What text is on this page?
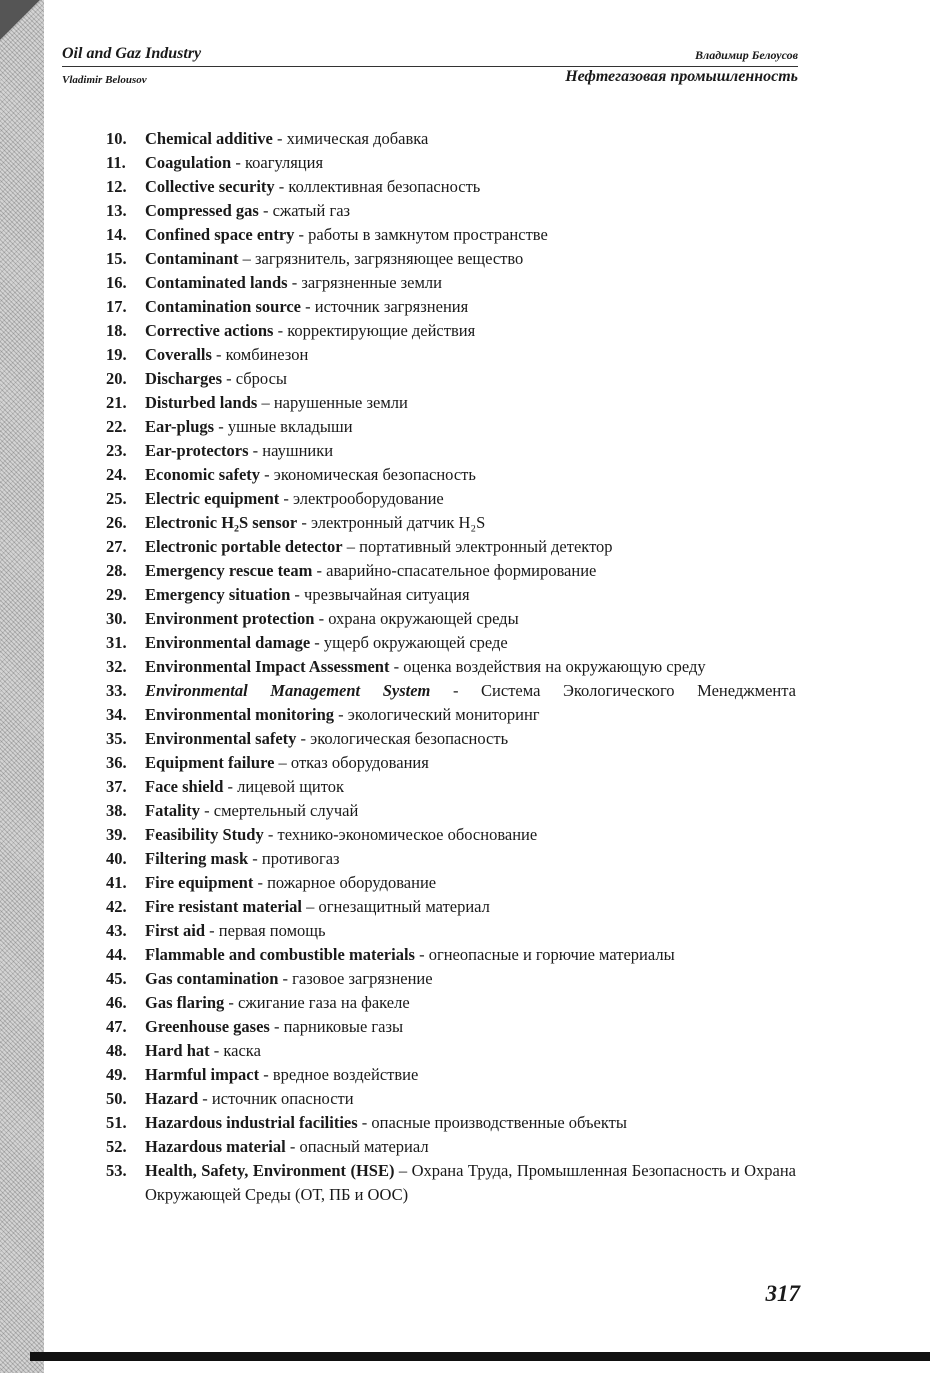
Oil and Gaz Industry	Владимир Белоусов
Vladimir Belousov	Нефтегазовая промышленность
10.	Chemical additive - химическая добавка
11.	Coagulation - коагуляция
12.	Collective security - коллективная безопасность
13.	Compressed gas - сжатый газ
14.	Confined space entry - работы в замкнутом пространстве
15.	Contaminant – загрязнитель, загрязняющее вещество
16.	Contaminated lands - загрязненные земли
17.	Contamination source - источник загрязнения
18.	Corrective actions - корректирующие действия
19.	Coveralls - комбинезон
20.	Discharges - сбросы
21.	Disturbed lands – нарушенные земли
22.	Ear-plugs - ушные вкладыши
23.	Ear-protectors - наушники
24.	Economic safety - экономическая безопасность
25.	Electric equipment - электрооборудование
26.	Electronic H₂S sensor - электронный датчик H₂S
27.	Electronic portable detector – портативный электронный детектор
28.	Emergency rescue team - аварийно-спасательное формирование
29.	Emergency situation - чрезвычайная ситуация
30.	Environment protection - охрана окружающей среды
31.	Environmental damage - ущерб окружающей среде
32.	Environmental Impact Assessment - оценка воздействия на окружающую среду
33.	Environmental Management System - Система Экологического Менеджмента
34.	Environmental monitoring - экологический мониторинг
35.	Environmental safety - экологическая безопасность
36.	Equipment failure – отказ оборудования
37.	Face shield - лицевой щиток
38.	Fatality - смертельный случай
39.	Feasibility Study - технико-экономическое обоснование
40.	Filtering mask - противогаз
41.	Fire equipment - пожарное оборудование
42.	Fire resistant material – огнезащитный материал
43.	First aid - первая помощь
44.	Flammable and combustible materials - огнеопасные и горючие материалы
45.	Gas contamination - газовое загрязнение
46.	Gas flaring - сжигание газа на факеле
47.	Greenhouse gases - парниковые газы
48.	Hard hat - каска
49.	Harmful impact - вредное воздействие
50.	Hazard - источник опасности
51.	Hazardous industrial facilities - опасные производственные объекты
52.	Hazardous material - опасный материал
53.	Health, Safety, Environment (HSE) – Охрана Труда, Промышленная Безопасность и Охрана Окружающей Среды (ОТ, ПБ и ООС)
317
